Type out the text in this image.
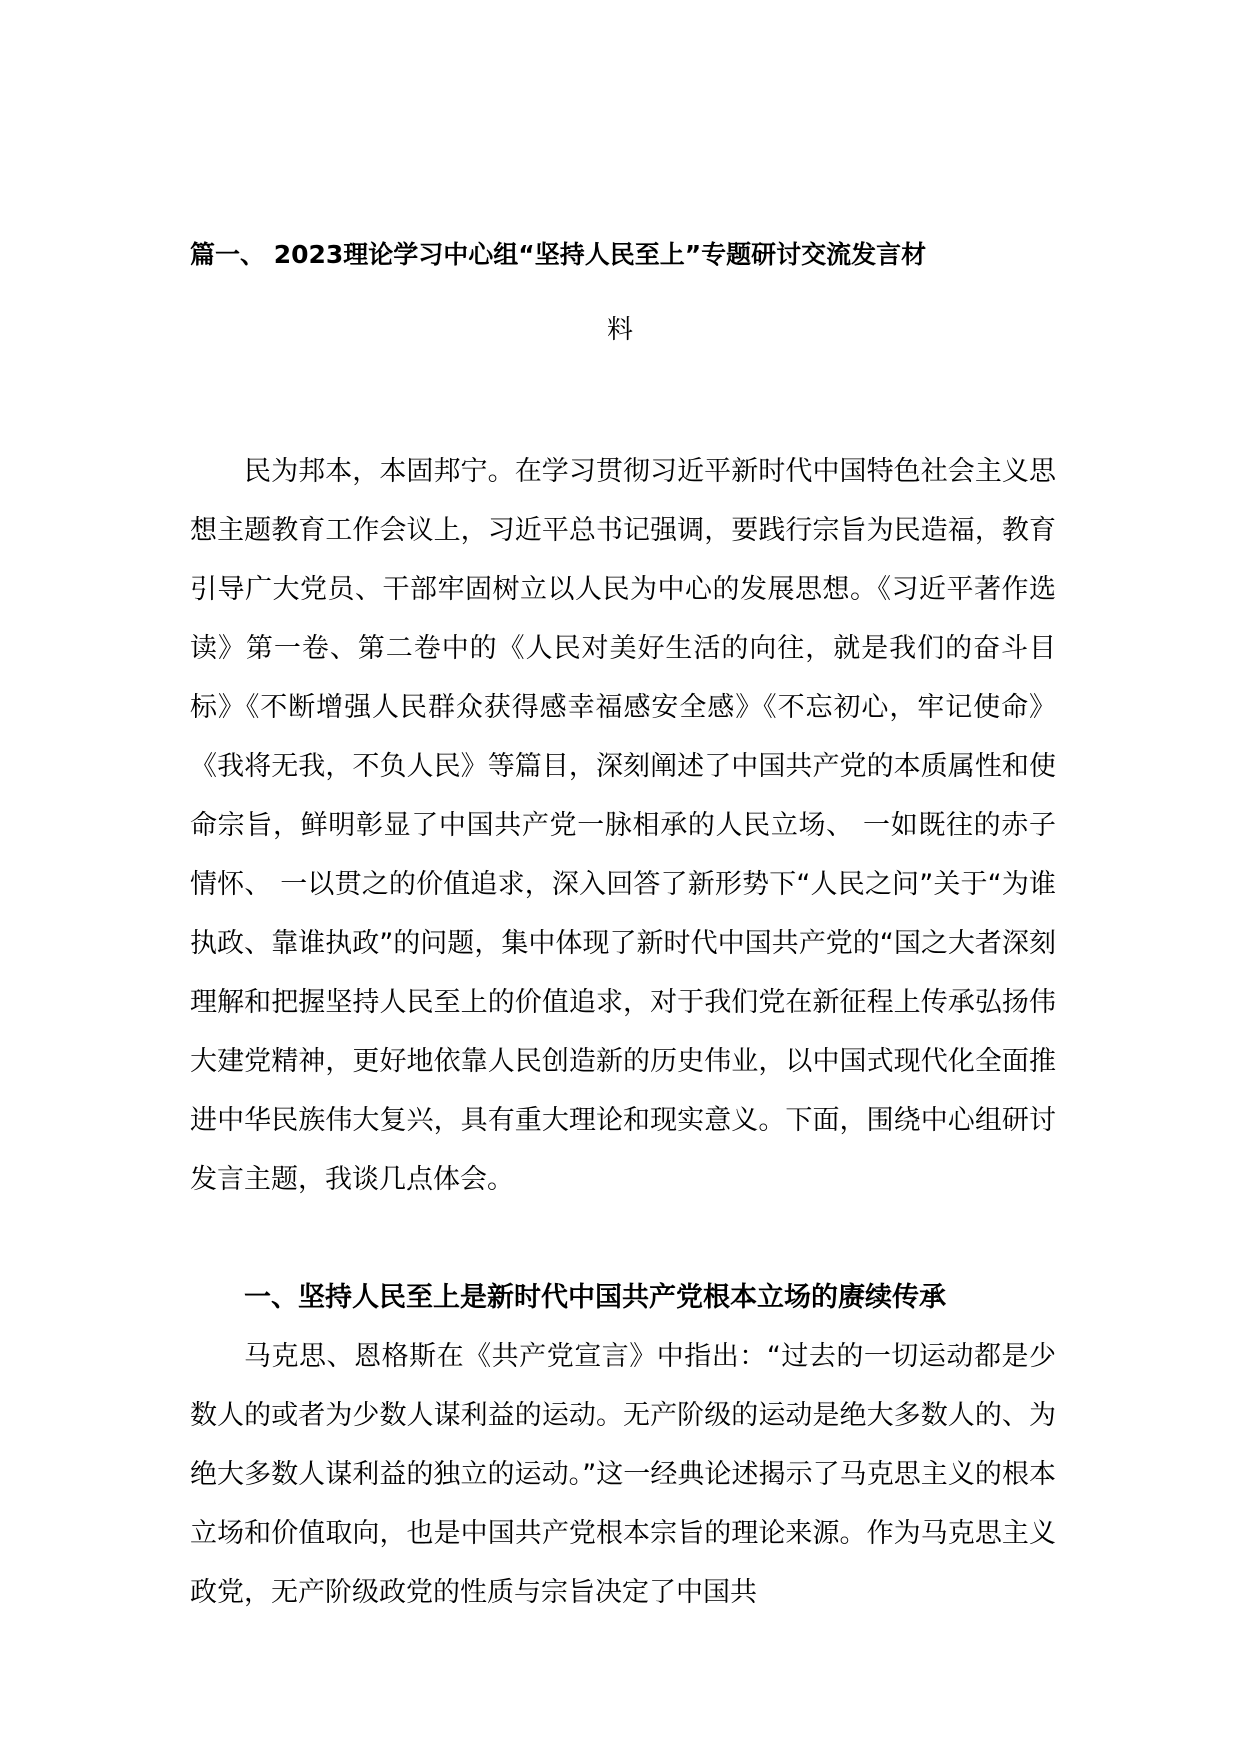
篇一、 2023理论学习中心组“坚持人民至上”专题研讨交流发言材
料

民为邦本，本固邦宁。在学习贯彻习近平新时代中国特色社会主义思想主题教育工作会议上，习近平总书记强调，要践行宗旨为民造福，教育引导广大党员、干部牢固树立以人民为中心的发展思想。《习近平著作选读》第一卷、第二卷中的《人民对美好生活的向往，就是我们的奋斗目标》《不断增强人民群众获得感幸福感安全感》《不忘初心，牢记使命》《我将无我，不负人民》等篇目，深刻阐述了中国共产党的本质属性和使命宗旨，鲜明彰显了中国共产党一脉相承的人民立场、 一如既往的赤子情怀、 一以贯之的价值追求，深入回答了新形势下“人民之问”关于“为谁执政、靠谁执政”的问题，集中体现了新时代中国共产党的“国之大者深刻理解和把握坚持人民至上的价值追求，对于我们党在新征程上传承弘扬伟大建党精神，更好地依靠人民创造新的历史伟业，以中国式现代化全面推进中华民族伟大复兴，具有重大理论和现实意义。下面，围绕中心组研讨发言主题，我谈几点体会。

一、坚持人民至上是新时代中国共产党根本立场的赓续传承

马克思、恩格斯在《共产党宣言》中指出：“过去的一切运动都是少数人的或者为少数人谋利益的运动。无产阶级的运动是绝大多数人的、为绝大多数人谋利益的独立的运动。”这一经典论述揭示了马克思主义的根本立场和价值取向，也是中国共产党根本宗旨的理论来源。作为马克思主义政党，无产阶级政党的性质与宗旨决定了中国共
